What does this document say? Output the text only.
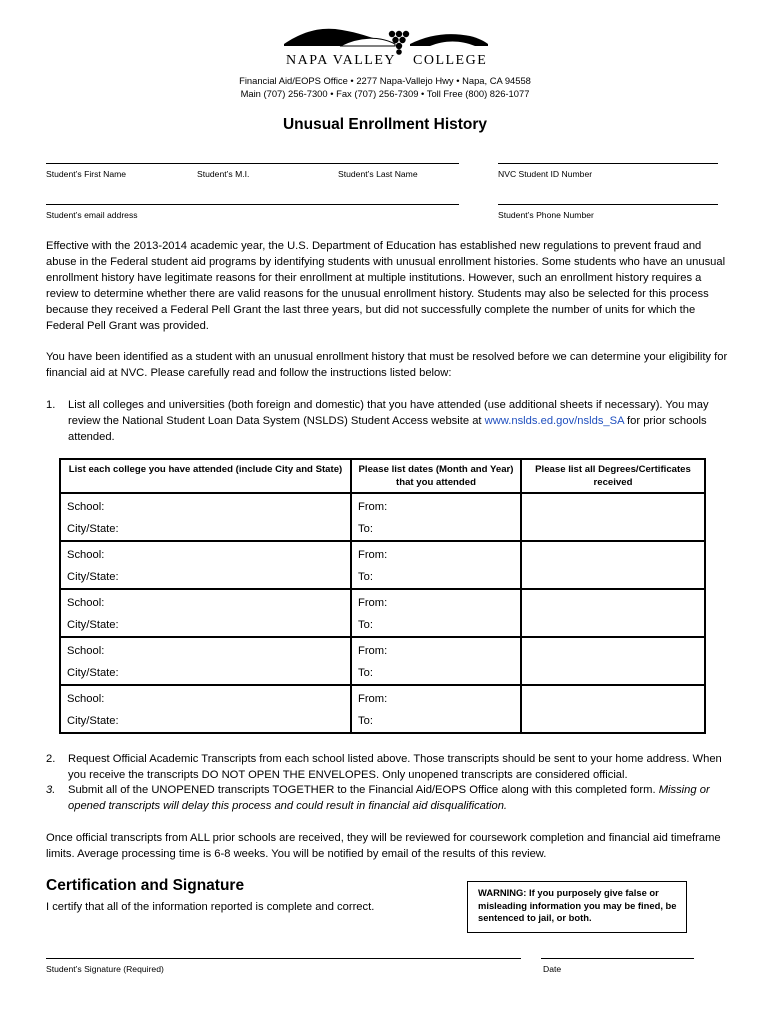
NAPA VALLEY COLLEGE
Financial Aid/EOPS Office • 2277 Napa-Vallejo Hwy • Napa, CA 94558
Main (707) 256-7300 • Fax (707) 256-7309 • Toll Free (800) 826-1077
Unusual Enrollment History
Student’s First Name	Student’s M.I.	Student’s Last Name	NVC Student ID Number
Student’s email address	Student’s Phone Number
Effective with the 2013-2014 academic year, the U.S. Department of Education has established new regulations to prevent fraud and abuse in the Federal student aid programs by identifying students with unusual enrollment histories. Some students who have an unusual enrollment history have legitimate reasons for their enrollment at multiple institutions. However, such an enrollment history requires a review to determine whether there are valid reasons for the unusual enrollment history. Students may also be selected for this process because they received a Federal Pell Grant the last three years, but did not successfully complete the number of units for which the Federal Pell Grant was provided.
You have been identified as a student with an unusual enrollment history that must be resolved before we can determine your eligibility for financial aid at NVC. Please carefully read and follow the instructions listed below:
1. List all colleges and universities (both foreign and domestic) that you have attended (use additional sheets if necessary). You may review the National Student Loan Data System (NSLDS) Student Access website at www.nslds.ed.gov/nslds_SA for prior schools attended.
List each college you have attended (include City and State)	Please list dates (Month and Year) that you attended	Please list all Degrees/Certificates received
School:	From:	
City/State:	To:	
School:	From:	
City/State:	To:	
School:	From:	
City/State:	To:	
School:	From:	
City/State:	To:	
School:	From:	
City/State:	To:	
2. Request Official Academic Transcripts from each school listed above. Those transcripts should be sent to your home address. When you receive the transcripts DO NOT OPEN THE ENVELOPES. Only unopened transcripts are considered official.
3. Submit all of the UNOPENED transcripts TOGETHER to the Financial Aid/EOPS Office along with this completed form. Missing or opened transcripts will delay this process and could result in financial aid disqualification.
Once official transcripts from ALL prior schools are received, they will be reviewed for coursework completion and financial aid timeframe limits. Average processing time is 6-8 weeks. You will be notified by email of the results of this review.
Certification and Signature
I certify that all of the information reported is complete and correct.
WARNING: If you purposely give false or misleading information you may be fined, be sentenced to jail, or both.
Student’s Signature (Required)	Date
